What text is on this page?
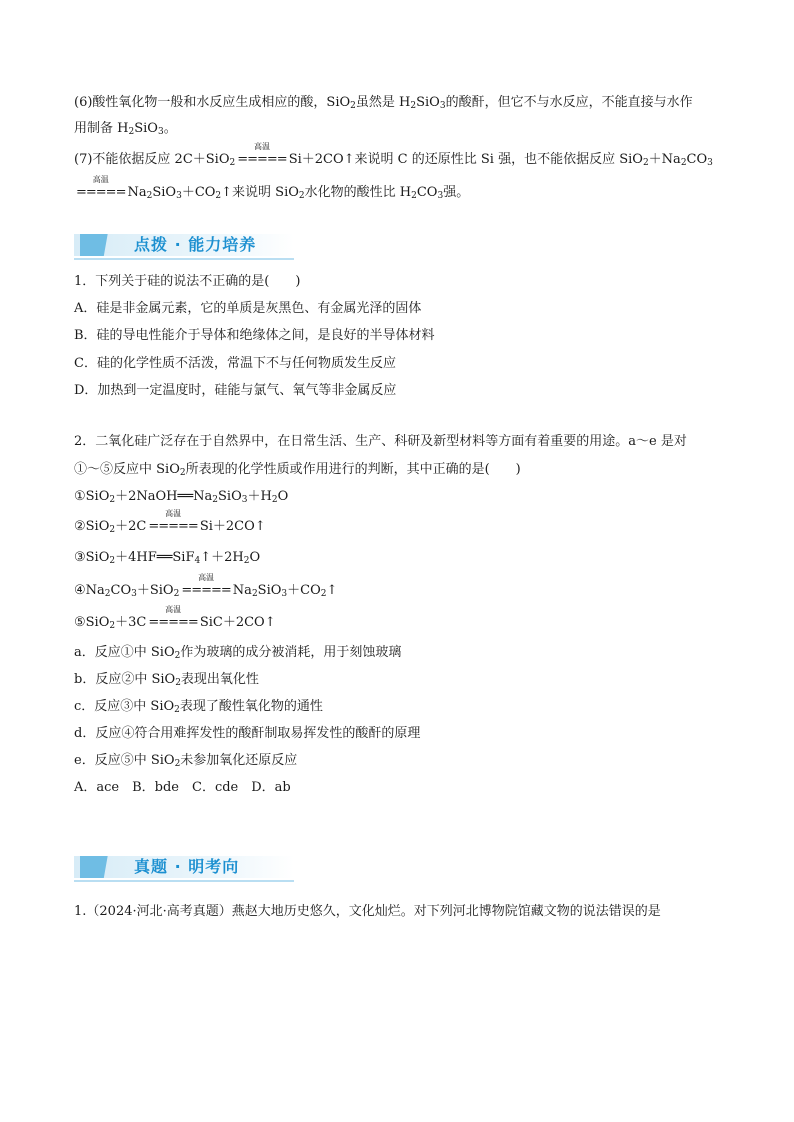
(6)酸性氧化物一般和水反应生成相应的酸，SiO$_2$虽然是 $H_2SiO_3$的酸酐，但它不与水反应，不能直接与水作
用制备 $H_2SiO_3$。
(7)不能依据反应 2C＋SiO$_2$
高温
===== Si＋2CO↑来说明 C 的还原性比 Si 强，也不能依据反应 $SiO_2+Na_2CO_3$
高温
===== $Na_2SiO_3+CO_2↑$来说明 SiO$_2$水化物的酸性比 $H_2CO_3$强。
点拨 · 能力培养
1．下列关于硅的说法不正确的是(　　)
A．硅是非金属元素，它的单质是灰黑色、有金属光泽的固体
B．硅的导电性能介于导体和绝缘体之间，是良好的半导体材料
C．硅的化学性质不活泼，常温下不与任何物质发生反应
D．加热到一定温度时，硅能与氯气、氧气等非金属反应
2．二氧化硅广泛存在于自然界中，在日常生活、生产、科研及新型材料等方面有着重要的用途。a～e 是对
①～⑤反应中 SiO$_2$所表现的化学性质或作用进行的判断，其中正确的是(　　)
$①SiO_2+2NaOH══Na_2SiO_3+H_2O$
②SiO$_2$＋2C
高温
===== Si＋2CO↑
$③SiO_2+4HF══SiF_4↑+2H_2O$
$④Na_2CO_3+SiO_2$
高温
===== $Na_2SiO_3+CO_2↑$
⑤SiO$_2$＋3C
高温
===== SiC＋2CO↑
a．反应①中 SiO$_2$作为玻璃的成分被消耗，用于刻蚀玻璃
b．反应②中 SiO$_2$表现出氧化性
c．反应③中 SiO$_2$表现了酸性氧化物的通性
d．反应④符合用难挥发性的酸酐制取易挥发性的酸酐的原理
e．反应⑤中 SiO$_2$未参加氧化还原反应
A．ace　B．bde　C．cde　D．ab
真题 · 明考向
1.（2024·河北·高考真题）燕赵大地历史悠久，文化灿烂。对下列河北博物院馆藏文物的说法错误的是
